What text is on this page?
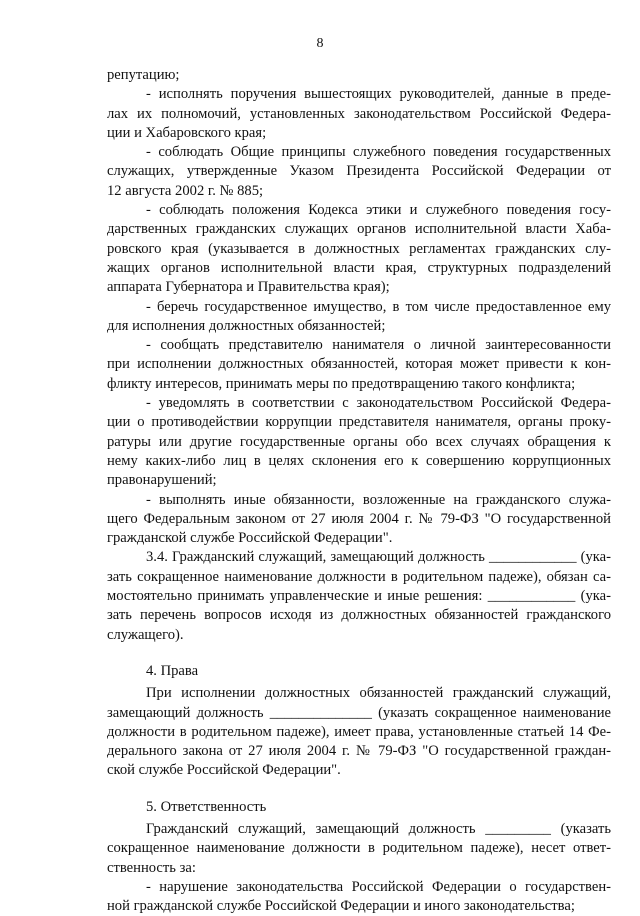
8
репутацию;
- исполнять поручения вышестоящих руководителей, данные в преде-
лах их полномочий, установленных законодательством Российской Федера-
ции и Хабаровского края;
- соблюдать Общие принципы служебного поведения государственных
служащих, утвержденные Указом Президента Российской Федерации от
12 августа 2002 г. № 885;
- соблюдать положения Кодекса этики и служебного поведения госу-
дарственных гражданских служащих органов исполнительной власти Хаба-
ровского края (указывается в должностных регламентах гражданских слу-
жащих органов исполнительной власти края, структурных подразделений
аппарата Губернатора и Правительства края);
- беречь государственное имущество, в том числе предоставленное ему
для исполнения должностных обязанностей;
- сообщать представителю нанимателя о личной заинтересованности
при исполнении должностных обязанностей, которая может привести к кон-
фликту интересов, принимать меры по предотвращению такого конфликта;
- уведомлять в соответствии с законодательством Российской Федера-
ции о противодействии коррупции представителя нанимателя, органы проку-
ратуры или другие государственные органы обо всех случаях обращения к
нему каких-либо лиц в целях склонения его к совершению коррупционных
правонарушений;
- выполнять иные обязанности, возложенные на гражданского служа-
щего Федеральным законом от 27 июля 2004 г. № 79-ФЗ "О государственной
гражданской службе Российской Федерации".
3.4. Гражданский служащий, замещающий должность ____________ (ука-
зать сокращенное наименование должности в родительном падеже), обязан са-
мостоятельно принимать управленческие и иные решения: ____________ (ука-
зать перечень вопросов исходя из должностных обязанностей гражданского
служащего).
4. Права
При исполнении должностных обязанностей гражданский служащий,
замещающий должность ______________ (указать сокращенное наименование
должности в родительном падеже), имеет права, установленные статьей 14 Фе-
дерального закона от 27 июля 2004 г. № 79-ФЗ "О государственной граждан-
ской службе Российской Федерации".
5. Ответственность
Гражданский служащий, замещающий должность _________ (указать
сокращенное наименование должности в родительном падеже), несет ответ-
ственность за:
- нарушение законодательства Российской Федерации о государствен-
ной гражданской службе Российской Федерации и иного законодательства;
